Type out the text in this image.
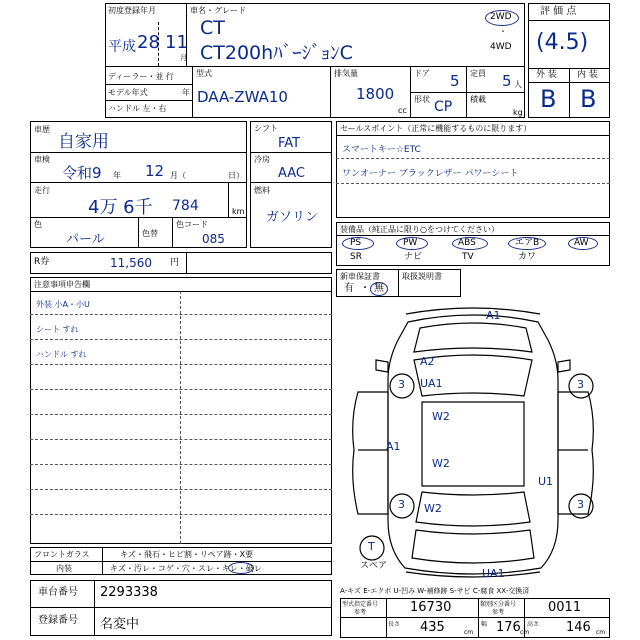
初度登録年月
平成 28 11
月
車名・グレード
CT
CT200hﾊﾞｰｼﾞｮﾝC
2WD
・
4WD
ディーラー・並 行
モデル年式	年
ハンドル 左・右
型式
DAA-ZWA10
排気量
1800
cc
ドア 5 定員 5 人
形状 CP 積載
kg
評 価 点
(4.5)
外 装 内 装
B B
車歴
自家用
車検
令和9 年 12 月（	日）
走行
4万 6千 784	km
色
パール	色替
色コード
085
シフト
FAT
冷房
AAC
燃料
ガソリン
セールスポイント（正常に機能するものに限ります）
スマートキー☆ETC
ワンオーナー ブラックレザー パワーシート
装備品（純正品に限り○をつけてください）
PS	PW	ABS	エアB	AW
SR	ナビ	TV	カワ
新車保証書	取扱説明書
有 ・ 無
R券	11,560 円
注意事項申告欄
外装 小A・小U
シート すれ
ハンドル すれ
A1
A2
UA1
W2
A1
W2
U1
W2
UA1
3	3
3	3
T
スペア
A-キズ E-エクボ U-凹み W-補修跡 S-サビ C-腐食 XX-交換済
フロントガラス	キズ・飛石・ヒビ割・リペア跡・X要
内装	キズ・汚レ・コゲ・穴・スレ・キレ・破レ
車台番号 2293338
登録番号 名変中
型式指定番号
参考	16730	類別区分番号
参考	0011
長さ 435	cm
幅 176 cm
高さ 146 cm
